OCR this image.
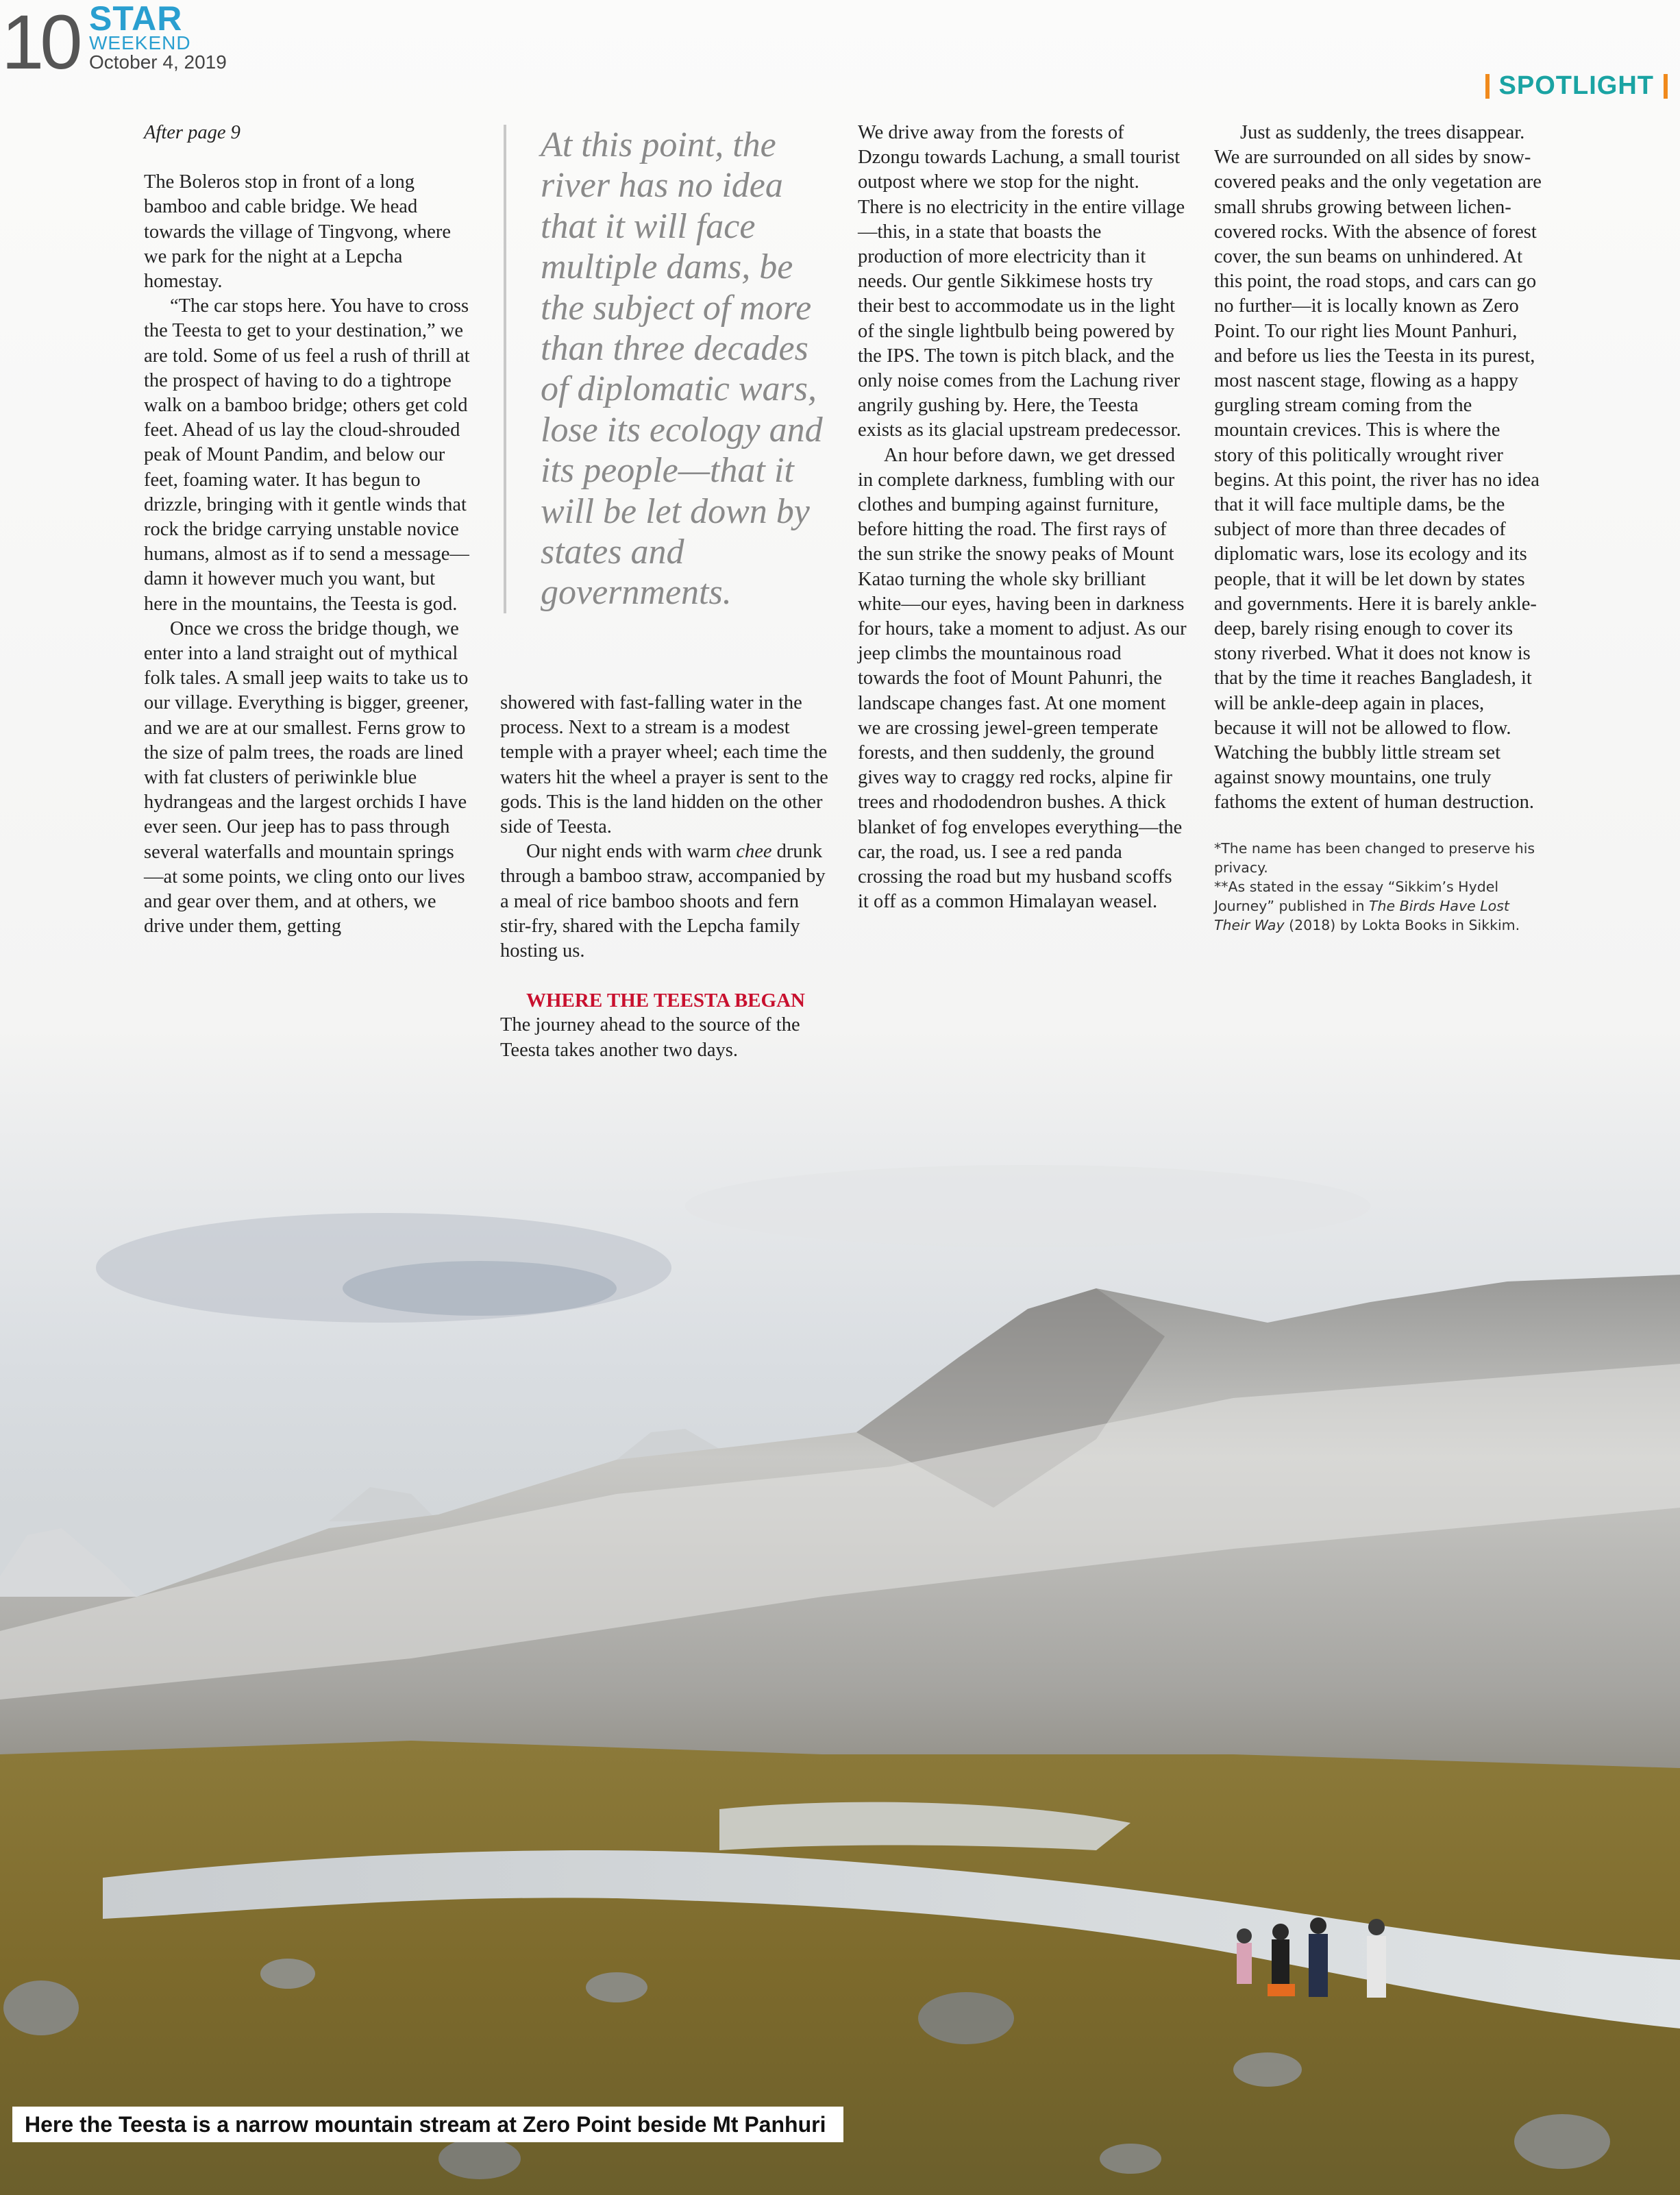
10 STAR
WEEKEND
October 4, 2019
SPOTLIGHT

After page 9

The Boleros stop in front of a long bamboo and cable bridge. We head towards the village of Tingvong, where we park for the night at a Lepcha homestay.

“The car stops here. You have to cross the Teesta to get to your destination,” we are told. Some of us feel a rush of thrill at the prospect of having to do a tightrope walk on a bamboo bridge; others get cold feet. Ahead of us lay the cloud-shrouded peak of Mount Pandim, and below our feet, foaming water. It has begun to drizzle, bringing with it gentle winds that rock the bridge carrying unstable novice humans, almost as if to send a message—damn it however much you want, but here in the mountains, the Teesta is god.

Once we cross the bridge though, we enter into a land straight out of mythical folk tales. A small jeep waits to take us to our village. Everything is bigger, greener, and we are at our smallest. Ferns grow to the size of palm trees, the roads are lined with fat clusters of periwinkle blue hydrangeas and the largest orchids I have ever seen. Our jeep has to pass through several waterfalls and mountain springs—at some points, we cling onto our lives and gear over them, and at others, we drive under them, getting

At this point, the river has no idea that it will face multiple dams, be the subject of more than three decades of diplomatic wars, lose its ecology and its people—that it will be let down by states and governments.

showered with fast-falling water in the process. Next to a stream is a modest temple with a prayer wheel; each time the waters hit the wheel a prayer is sent to the gods. This is the land hidden on the other side of Teesta.

Our night ends with warm chee drunk through a bamboo straw, accompanied by a meal of rice bamboo shoots and fern stir-fry, shared with the Lepcha family hosting us.

WHERE THE TEESTA BEGAN

The journey ahead to the source of the Teesta takes another two days.

We drive away from the forests of Dzongu towards Lachung, a small tourist outpost where we stop for the night. There is no electricity in the entire village—this, in a state that boasts the production of more electricity than it needs. Our gentle Sikkimese hosts try their best to accommodate us in the light of the single lightbulb being powered by the IPS. The town is pitch black, and the only noise comes from the Lachung river angrily gushing by. Here, the Teesta exists as its glacial upstream predecessor.

An hour before dawn, we get dressed in complete darkness, fumbling with our clothes and bumping against furniture, before hitting the road. The first rays of the sun strike the snowy peaks of Mount Katao turning the whole sky brilliant white—our eyes, having been in darkness for hours, take a moment to adjust. As our jeep climbs the mountainous road towards the foot of Mount Pahunri, the landscape changes fast. At one moment we are crossing jewel-green temperate forests, and then suddenly, the ground gives way to craggy red rocks, alpine fir trees and rhododendron bushes. A thick blanket of fog envelopes everything—the car, the road, us. I see a red panda crossing the road but my husband scoffs it off as a common Himalayan weasel.

Just as suddenly, the trees disappear. We are surrounded on all sides by snow-covered peaks and the only vegetation are small shrubs growing between lichen-covered rocks. With the absence of forest cover, the sun beams on unhindered. At this point, the road stops, and cars can go no further—it is locally known as Zero Point. To our right lies Mount Panhuri, and before us lies the Teesta in its purest, most nascent stage, flowing as a happy gurgling stream coming from the mountain crevices. This is where the story of this politically wrought river begins. At this point, the river has no idea that it will face multiple dams, be the subject of more than three decades of diplomatic wars, lose its ecology and its people, that it will be let down by states and governments. Here it is barely ankle-deep, barely rising enough to cover its stony riverbed. What it does not know is that by the time it reaches Bangladesh, it will be ankle-deep again in places, because it will not be allowed to flow. Watching the bubbly little stream set against snowy mountains, one truly fathoms the extent of human destruction.

*The name has been changed to preserve his privacy.

**As stated in the essay “Sikkim’s Hydel Journey” published in The Birds Have Lost Their Way (2018) by Lokta Books in Sikkim.

Here the Teesta is a narrow mountain stream at Zero Point beside Mt Panhuri
